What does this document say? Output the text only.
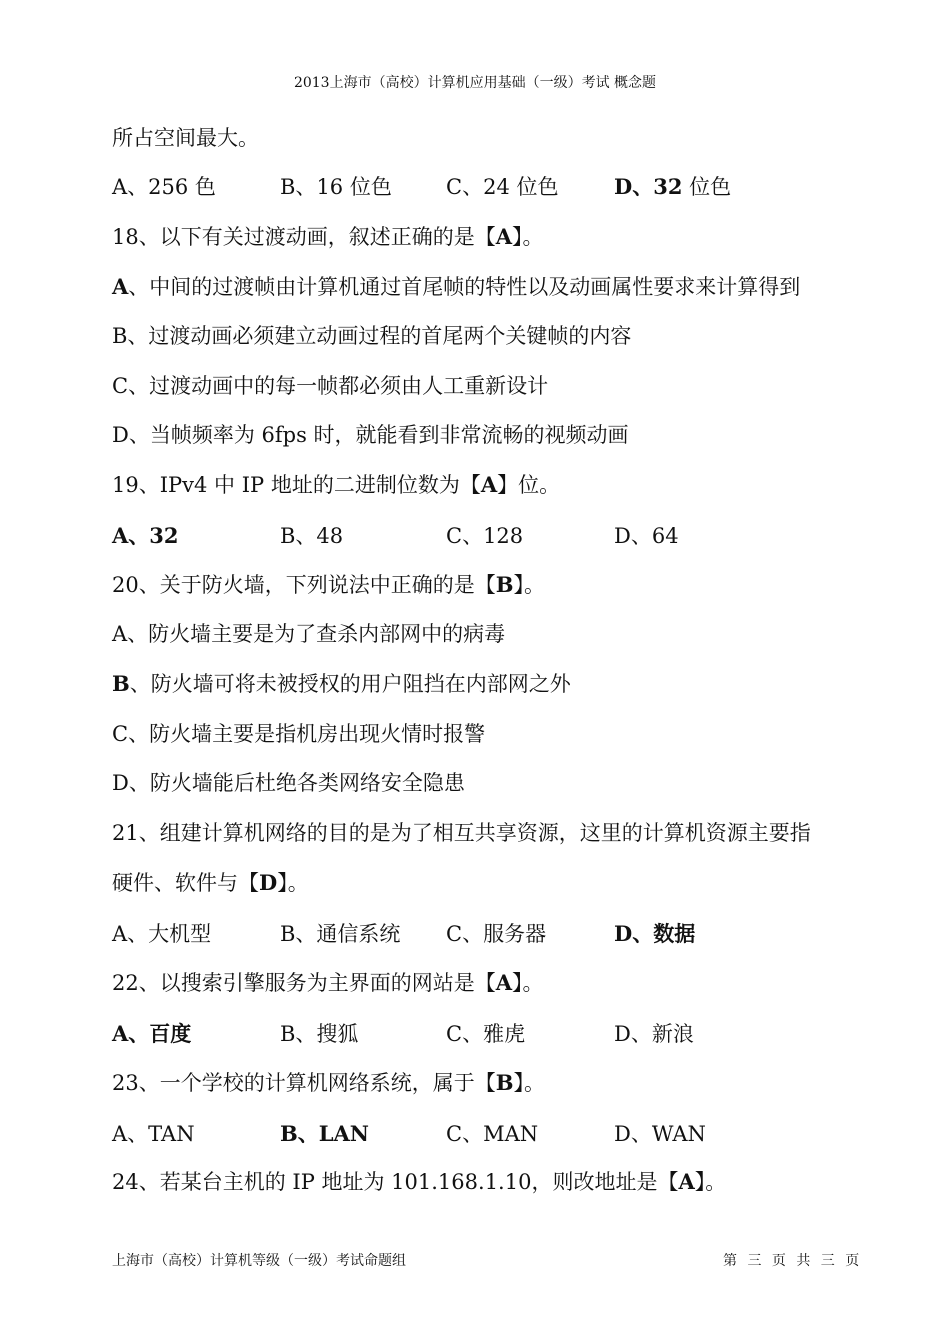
2013上海市（高校）计算机应用基础（一级）考试 概念题
所占空间最大。
A、256 色	B、16 位色	C、24 位色	D、32 位色
18、以下有关过渡动画，叙述正确的是【A】。
A、中间的过渡帧由计算机通过首尾帧的特性以及动画属性要求来计算得到
B、过渡动画必须建立动画过程的首尾两个关键帧的内容
C、过渡动画中的每一帧都必须由人工重新设计
D、当帧频率为 6fps 时，就能看到非常流畅的视频动画
19、IPv4 中 IP 地址的二进制位数为【A】位。
A、32	B、48	C、128	D、64
20、关于防火墙，下列说法中正确的是【B】。
A、防火墙主要是为了查杀内部网中的病毒
B、防火墙可将未被授权的用户阻挡在内部网之外
C、防火墙主要是指机房出现火情时报警
D、防火墙能后杜绝各类网络安全隐患
21、组建计算机网络的目的是为了相互共享资源，这里的计算机资源主要指
硬件、软件与【D】。
A、大机型	B、通信系统 C、服务器	D、数据
22、以搜索引擎服务为主界面的网站是【A】。
A、百度	B、搜狐	C、雅虎	D、新浪
23、一个学校的计算机网络系统，属于【B】。
A、TAN	B、LAN	C、MAN	D、WAN
24、若某台主机的 IP 地址为 101.168.1.10，则改地址是【A】。
上海市（高校）计算机等级（一级）考试命题组	第 三 页 共 三 页
